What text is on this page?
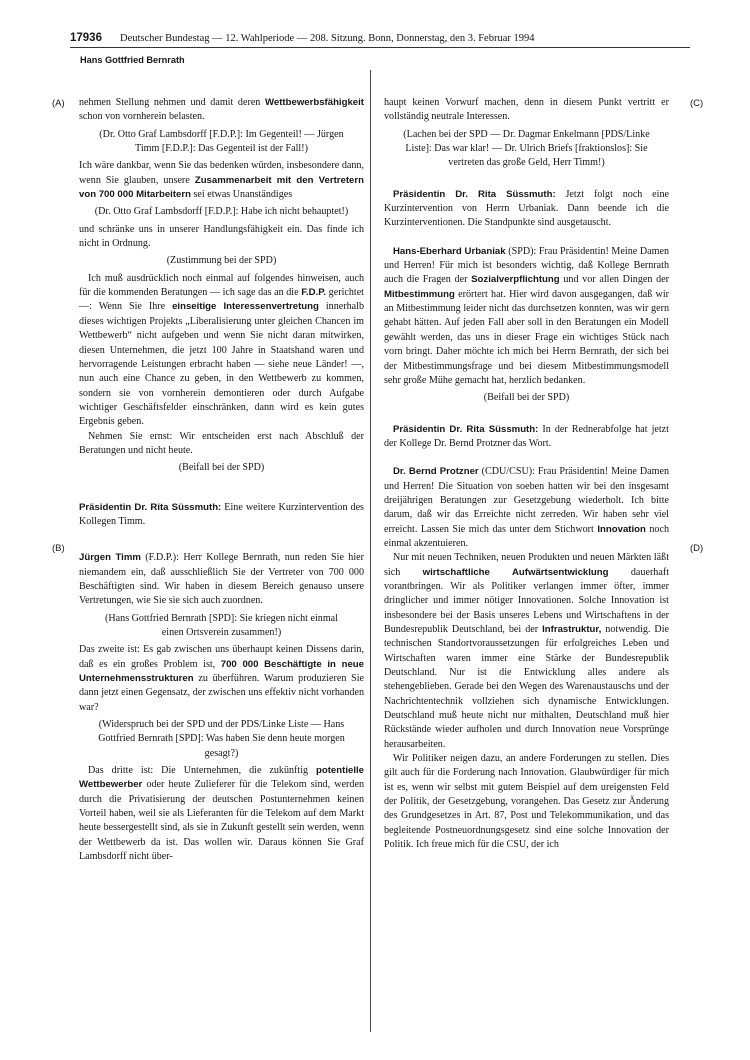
17936 Deutscher Bundestag — 12. Wahlperiode — 208. Sitzung. Bonn, Donnerstag, den 3. Februar 1994
Hans Gottfried Bernrath
(A)
(B)
(C)
(D)

nehmen Stellung nehmen und damit deren Wettbewerbsfähigkeit schon von vornherein belasten.

(Dr. Otto Graf Lambsdorff [F.D.P.]: Im Gegenteil! — Jürgen Timm [F.D.P.]: Das Gegenteil ist der Fall!)

Ich wäre dankbar, wenn Sie das bedenken würden, insbesondere dann, wenn Sie glauben, unsere Zusammenarbeit mit den Vertretern von 700 000 Mitarbeitern sei etwas Unanständiges

(Dr. Otto Graf Lambsdorff [F.D.P.]: Habe ich nicht behauptet!)

und schränke uns in unserer Handlungsfähigkeit ein. Das finde ich nicht in Ordnung.

(Zustimmung bei der SPD)

Ich muß ausdrücklich noch einmal auf folgendes hinweisen, auch für die kommenden Beratungen — ich sage das an die F.D.P. gerichtet —: Wenn Sie Ihre einseitige Interessenvertretung innerhalb dieses wichtigen Projekts „Liberalisierung unter gleichen Chancen im Wettbewerb“ nicht aufgeben und wenn Sie nicht daran mitwirken, diesen Unternehmen, die jetzt 100 Jahre in Staatshand waren und hervorragende Leistungen erbracht haben — siehe neue Länder! —, nun auch eine Chance zu geben, in den Wettbewerb zu kommen, sondern sie von vornherein demontieren oder durch Aufgabe wichtiger Geschäftsfelder einschränken, dann wird es kein gutes Ergebnis geben.

Nehmen Sie ernst: Wir entscheiden erst nach Abschluß der Beratungen und nicht heute.

(Beifall bei der SPD)

Präsidentin Dr. Rita Süssmuth: Eine weitere Kurzintervention des Kollegen Timm.

Jürgen Timm (F.D.P.): Herr Kollege Bernrath, nun reden Sie hier niemandem ein, daß ausschließlich Sie der Vertreter von 700 000 Beschäftigten sind. Wir haben in diesem Bereich genauso unsere Vertretungen, wie Sie sie sich auch zuordnen.

(Hans Gottfried Bernrath [SPD]: Sie kriegen nicht einmal einen Ortsverein zusammen!)

Das zweite ist: Es gab zwischen uns überhaupt keinen Dissens darin, daß es ein großes Problem ist, 700 000 Beschäftigte in neue Unternehmensstrukturen zu überführen. Warum produzieren Sie dann jetzt einen Gegensatz, der zwischen uns effektiv nicht vorhanden war?

(Widerspruch bei der SPD und der PDS/Linke Liste — Hans Gottfried Bernrath [SPD]: Was haben Sie denn heute morgen gesagt?)

Das dritte ist: Die Unternehmen, die zukünftig potentielle Wettbewerber oder heute Zulieferer für die Telekom sind, werden durch die Privatisierung der deutschen Postunternehmen keinen Vorteil haben, weil sie als Lieferanten für die Telekom auf dem Markt heute bessergestellt sind, als sie in Zukunft gestellt sein werden, wenn der Wettbewerb da ist. Das wollen wir. Daraus können Sie Graf Lambsdorff nicht über-

haupt keinen Vorwurf machen, denn in diesem Punkt vertritt er vollständig neutrale Interessen.

(Lachen bei der SPD — Dr. Dagmar Enkelmann [PDS/Linke Liste]: Das war klar! — Dr. Ulrich Briefs [fraktionslos]: Sie vertreten das große Geld, Herr Timm!)

Präsidentin Dr. Rita Süssmuth: Jetzt folgt noch eine Kurzintervention von Herrn Urbaniak. Dann beende ich die Kurzinterventionen. Die Standpunkte sind ausgetauscht.

Hans-Eberhard Urbaniak (SPD): Frau Präsidentin! Meine Damen und Herren! Für mich ist besonders wichtig, daß Kollege Bernrath auch die Fragen der Sozialverpflichtung und vor allen Dingen der Mitbestimmung erörtert hat. Hier wird davon ausgegangen, daß wir an Mitbestimmung leider nicht das durchsetzen konnten, was wir gern gehabt hätten. Auf jeden Fall aber soll in den Beratungen ein Modell gewählt werden, das uns in dieser Frage ein wichtiges Stück nach vorn bringt. Daher möchte ich mich bei Herrn Bernrath, der sich bei der Mitbestimmungsfrage und bei diesem Mitbestimmungsmodell sehr große Mühe gemacht hat, herzlich bedanken.

(Beifall bei der SPD)

Präsidentin Dr. Rita Süssmuth: In der Rednerabfolge hat jetzt der Kollege Dr. Bernd Protzner das Wort.

Dr. Bernd Protzner (CDU/CSU): Frau Präsidentin! Meine Damen und Herren! Die Situation von soeben hatten wir bei den insgesamt dreijährigen Beratungen zur Gesetzgebung wiederholt. Ich bitte darum, daß wir das Erreichte nicht zerreden. Wir haben sehr viel erreicht. Lassen Sie mich das unter dem Stichwort Innovation noch einmal akzentuieren.

Nur mit neuen Techniken, neuen Produkten und neuen Märkten läßt sich wirtschaftliche Aufwärtsentwicklung dauerhaft vorantbringen. Wir als Politiker verlangen immer öfter, immer dringlicher und immer nötiger Innovationen. Solche Innovation ist insbesondere bei der Basis unseres Lebens und Wirtschaftens in der Bundesrepublik Deutschland, bei der Infrastruktur, notwendig. Die technischen Standortvoraussetzungen für erfolgreiches Leben und Wirtschaften waren immer eine Stärke der Bundesrepublik Deutschland. Nur ist die Entwicklung alles andere als stehengeblieben. Gerade bei den Wegen des Warenaustauschs und der Nachrichtentechnik vollziehen sich dynamische Entwicklungen. Deutschland muß heute nicht nur mithalten, Deutschland muß hier Rückstände wieder aufholen und durch Innovation neue Vorsprünge herausarbeiten.

Wir Politiker neigen dazu, an andere Forderungen zu stellen. Dies gilt auch für die Forderung nach Innovation. Glaubwürdiger für mich ist es, wenn wir selbst mit gutem Beispiel auf dem ureigensten Feld der Politik, der Gesetzgebung, vorangehen. Das Gesetz zur Änderung des Grundgesetzes in Art. 87, Post und Telekommunikation, und das begleitende Postneuordnungsgesetz sind eine solche Innovation der Politik. Ich freue mich für die CSU, der ich
